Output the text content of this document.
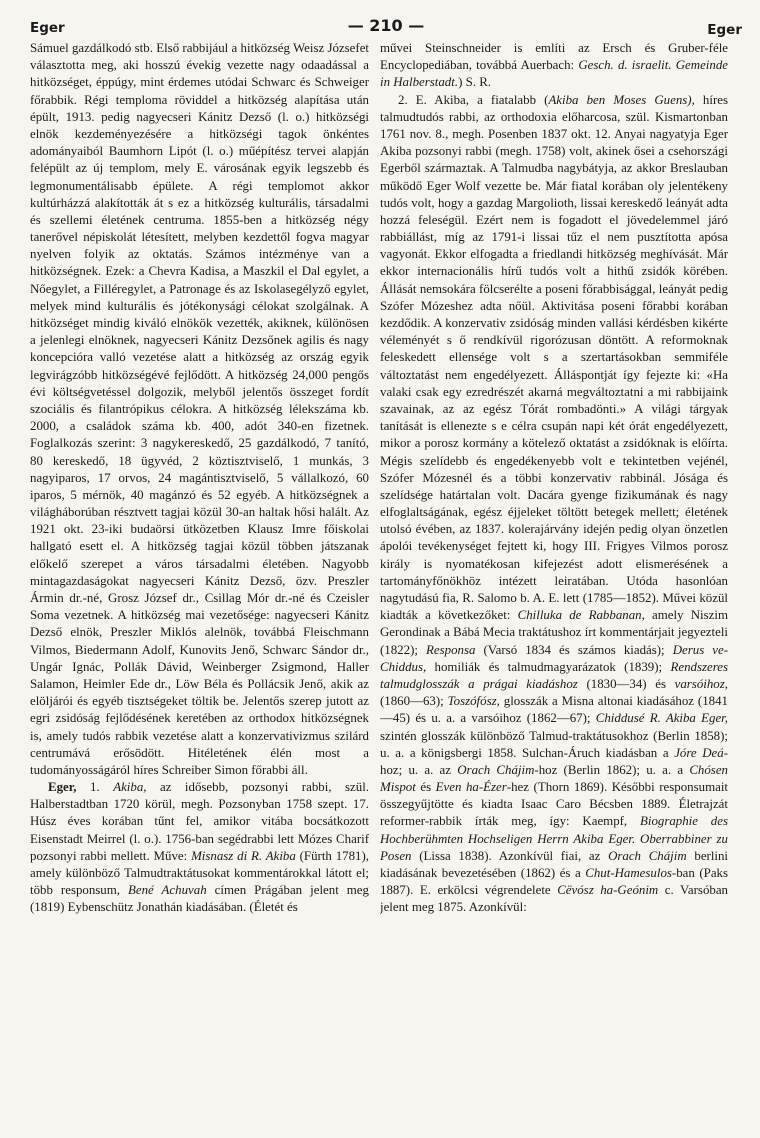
Eger	— 210 —	Eger

Sámuel gazdálkodó stb. Első rabbijául a hitközség Weisz Józsefet választotta meg, aki hosszú évekig vezette nagy odaadással a hitközséget, éppúgy, mint érdemes utódai Schwarc és Schweiger főrabbik. Régi temploma röviddel a hitközség alapítása után épült, 1913. pedig nagyecseri Kánitz Dezső (l. o.) hitközségi elnök kezdeményezésére a hitközségi tagok önkéntes adományaiból Baumhorn Lipót (l. o.) műépítész tervei alapján felépült az új templom, mely E. városának egyik legszebb és legmonumentálisabb épülete. A régi templomot akkor kultúrházzá alakították át s ez a hitközség kulturális, társadalmi és szellemi életének centruma. 1855-ben a hitközség négy tanerővel népiskolát létesített, melyben kezdettől fogva magyar nyelven folyik az oktatás. Számos intézménye van a hitközségnek. Ezek: a Chevra Kadisa, a Maszkil el Dal egylet, a Nőegylet, a Filléregylet, a Patronage és az Iskolasegélyző egylet, melyek mind kulturális és jótékonysági célokat szolgálnak. A hitközséget mindig kiváló elnökök vezették, akiknek, különösen a jelenlegi elnöknek, nagyecseri Kánitz Dezsőnek agilis és nagy koncepcióra valló vezetése alatt a hitközség az ország egyik legvirágzóbb hitközségévé fejlődött. A hitközség 24,000 pengős évi költségvetéssel dolgozik, melyből jelentős összeget fordít szociális és filantrópikus célokra. A hitközség lélekszáma kb. 2000, a családok száma kb. 400, adót 340-en fizetnek. Foglalkozás szerint: 3 nagykereskedő, 25 gazdálkodó, 7 tanító, 80 kereskedő, 18 ügyvéd, 2 köztisztviselő, 1 munkás, 3 nagyiparos, 17 orvos, 24 magántisztviselő, 5 vállalkozó, 60 iparos, 5 mérnök, 40 magánzó és 52 egyéb. A hitközségnek a világháborúban résztvett tagjai közül 30-an haltak hősi halált. Az 1921 okt. 23-iki budaörsi ütközetben Klausz Imre főiskolai hallgató esett el. A hitközség tagjai közül többen játszanak előkelő szerepet a város társadalmi életében. Nagyobb mintagazdaságokat nagyecseri Kánitz Dezső, özv. Preszler Ármin dr.-né, Grosz József dr., Csillag Mór dr.-né és Czeisler Soma vezetnek. A hitközség mai vezetősége: nagyecseri Kánitz Dezső elnök, Preszler Miklós alelnök, továbbá Fleischmann Vilmos, Biedermann Adolf, Kunovits Jenő, Schwarc Sándor dr., Ungár Ignác, Pollák Dávid, Weinberger Zsigmond, Haller Salamon, Heimler Ede dr., Löw Béla és Pollácsik Jenő, akik az elöljárói és egyéb tisztségeket töltik be. Jelentős szerep jutott az egri zsidóság fejlődésének keretében az orthodox hitközségnek is, amely tudós rabbik vezetése alatt a konzervativizmus szilárd centrumává erősödött. Hitéletének élén most a tudományosságáról híres Schreiber Simon főrabbi áll.

Eger, 1. Akiba, az idősebb, pozsonyi rabbi, szül. Halberstadtban 1720 körül, megh. Pozsonyban 1758 szept. 17. Húsz éves korában tűnt fel, amikor vitába bocsátkozott Eisenstadt Meirrel (l. o.). 1756-ban segédrabbi lett Mózes Charif pozsonyi rabbi mellett. Műve: Misnasz di R. Akiba (Fürth 1781), amely különböző Talmudtraktátusokat kommentárokkal látott el; több responsum, Bené Achuvah címen Prágában jelent meg (1819) Eybenschütz Jonathán kiadásában. (Életét és

művei Steinschneider is említi az Ersch és Gruber-féle Encyclopediában, továbbá Auerbach: Gesch. d. israelit. Gemeinde in Halberstadt.) S. R.

2. E. Akiba, a fiatalabb (Akiba ben Moses Guens), híres talmudtudós rabbi, az orthodoxia előharcosa, szül. Kismartonban 1761 nov. 8., megh. Posenben 1837 okt. 12. Anyai nagyatyja Eger Akiba pozsonyi rabbi (megh. 1758) volt, akinek ősei a csehországi Egerből származtak. A Talmudba nagybátyja, az akkor Breslauban működő Eger Wolf vezette be. Már fiatal korában oly jelentékeny tudós volt, hogy a gazdag Margolioth, lissai kereskedő leányát adta hozzá feleségül. Ezért nem is fogadott el jövedelemmel járó rabbiállást, míg az 1791-i lissai tűz el nem pusztította apósa vagyonát. Ekkor elfogadta a friedlandi hitközség meghívását. Már ekkor internacionális hírű tudós volt a hithű zsidók körében. Állását nemsokára fölcserélte a poseni főrabbisággal, leányát pedig Szófer Mózeshez adta nőül. Aktivitása poseni főrabbi korában kezdődik. A konzervativ zsidóság minden vallási kérdésben kikérte véleményét s ő rendkívül rigorózusan döntött. A reformoknak feleskedett ellensége volt s a szertartásokban semmiféle változtatást nem engedélyezett. Álláspontját így fejezte ki: «Ha valaki csak egy ezredrészét akarná megváltoztatni a mi rabbijaink szavainak, az az egész Tórát rombadönti.» A világi tárgyak tanítását is ellenezte s e célra csupán napi két órát engedélyezett, mikor a porosz kormány a kötelező oktatást a zsidóknak is előírta. Mégis szelídebb és engedékenyebb volt e tekintetben vejénél, Szófer Mózesnél és a többi konzervativ rabbinál. Jósága és szelídsége határtalan volt. Dacára gyenge fizikumának és nagy elfoglaltságának, egész éjjeleket töltött betegek mellett; életének utolsó évében, az 1837. kolerajárvány idején pedig olyan önzetlen ápolói tevékenységet fejtett ki, hogy III. Frigyes Vilmos porosz király is nyomatékosan kifejezést adott elismerésének a tartományfőnökhöz intézett leiratában. Utóda hasonlóan nagytudású fia, R. Salomo b. A. E. lett (1785—1852). Művei közül kiadták a következőket: Chilluka de Rabbanan, amely Niszim Gerondinak a Bábá Mecia traktátushoz írt kommentárjait jegyezteli (1822); Responsa (Varsó 1834 és számos kiadás); Derus ve-Chiddus, homiliák és talmudmagyarázatok (1839); Rendszeres talmudglosszák a prágai kiadáshoz (1830—34) és varsóihoz, (1860—63); Toszófósz, glosszák a Misna altonai kiadásához (1841—45) és u. a. a varsóihoz (1862—67); Chiddusé R. Akiba Eger, szintén glosszák különböző Talmud-traktátusokhoz (Berlin 1858); u. a. a königsbergi 1858. Sulchan-Áruch kiadásban a Jóre Deá-hoz; u. a. az Orach Chájim-hoz (Berlin 1862); u. a. a Chósen Mispot és Even ha-Ézer-hez (Thorn 1869). Későbbi responsumait összegyűjtötte és kiadta Isaac Caro Bécsben 1889. Életrajzát reformer-rabbik írták meg, így: Kaempf, Biographie des Hochberühmten Hochseligen Herrn Akiba Eger. Oberrabbiner zu Posen (Lissa 1838). Azonkívül fiai, az Orach Chájim berlini kiadásának bevezetésében (1862) és a Chut-Hamesulos-ban (Paks 1887). E. erkölcsi végrendelete Cëvósz ha-Geónim c. Varsóban jelent meg 1875. Azonkívül:
